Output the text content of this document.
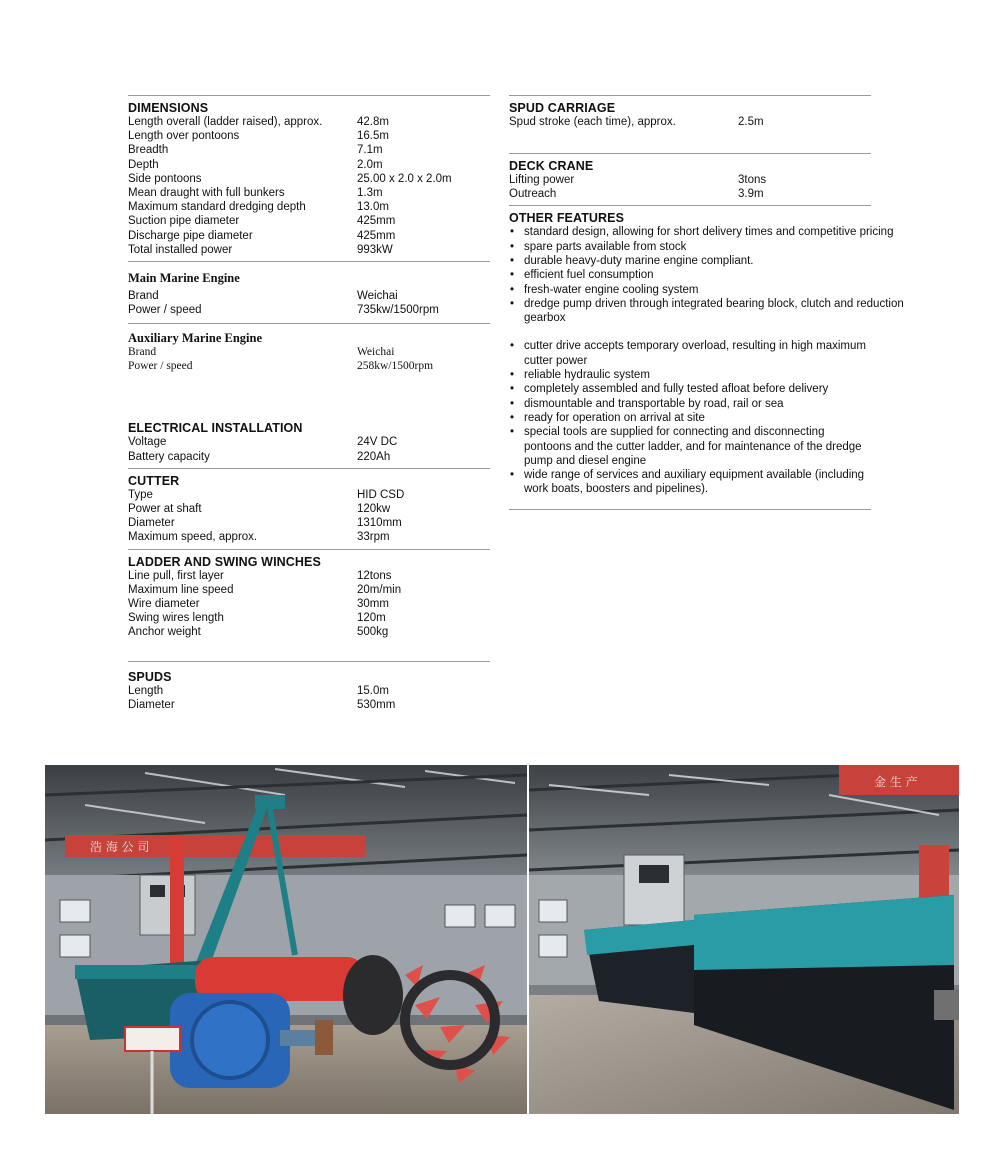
DIMENSIONS
Length overall (ladder raised), approx.	42.8m
Length over pontoons	16.5m
Breadth	7.1m
Depth	2.0m
Side pontoons	25.00 x 2.0 x 2.0m
Mean draught with full bunkers	1.3m
Maximum standard dredging depth	13.0m
Suction pipe diameter	425mm
Discharge pipe diameter	425mm
Total installed power	993kW
Main Marine Engine
Brand	Weichai
Power / speed	735kw/1500rpm
Auxiliary Marine Engine
Brand	Weichai
Power / speed	258kw/1500rpm
ELECTRICAL INSTALLATION
Voltage	24V DC
Battery capacity	220Ah
CUTTER
Type	HID CSD
Power at shaft	120kw
Diameter	1310mm
Maximum speed, approx.	33rpm
LADDER AND SWING WINCHES
Line pull, first layer	12tons
Maximum line speed	20m/min
Wire diameter	30mm
Swing wires length	120m
Anchor weight	500kg
SPUDS
Length	15.0m
Diameter	530mm
SPUD CARRIAGE
Spud stroke (each time), approx.	2.5m
DECK CRANE
Lifting power	3tons
Outreach	3.9m
OTHER FEATURES
• standard design, allowing for short delivery times and competitive pricing
• spare parts available from stock
• durable heavy-duty marine engine compliant.
• efficient fuel consumption
• fresh-water engine cooling system
• dredge pump driven through integrated bearing block, clutch and reduction gearbox
• cutter drive accepts temporary overload, resulting in high maximum cutter power
• reliable hydraulic system
• completely assembled and fully tested afloat before delivery
• dismountable and transportable by road, rail or sea
• ready for operation on arrival at site
• special tools are supplied for connecting and disconnecting pontoons and the cutter ladder, and for maintenance of the dredge pump and diesel engine
• wide range of services and auxiliary equipment available (including work boats, boosters and pipelines).
浩 海 公 司
金 生 产
